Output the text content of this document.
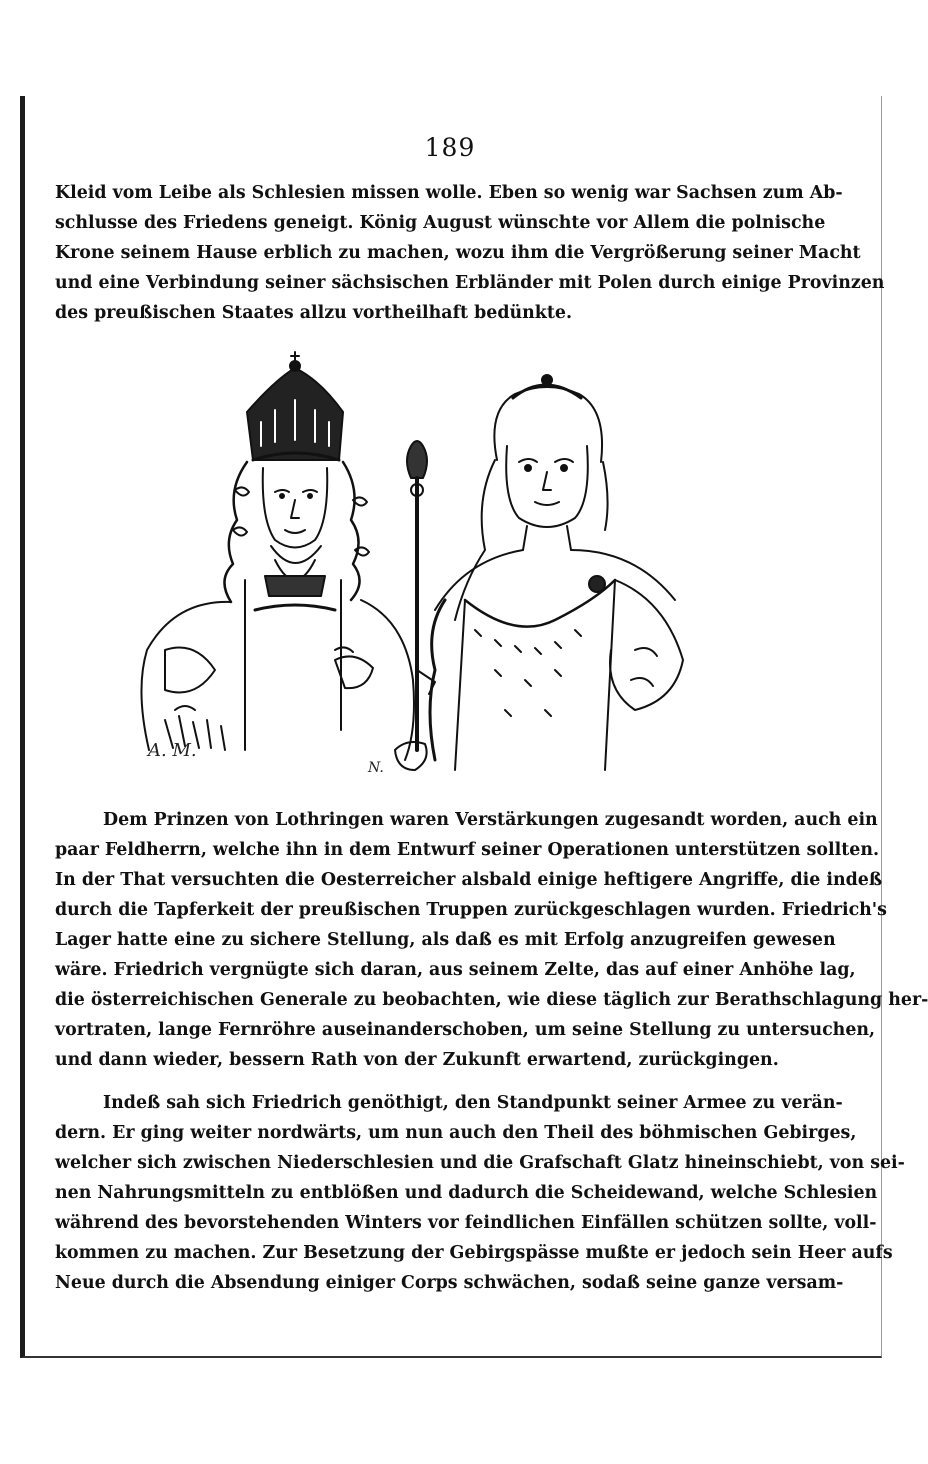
189
Kleid vom Leibe als Schlesien missen wolle. Eben so wenig war Sachsen zum Ab-
schlusse des Friedens geneigt. König August wünschte vor Allem die polnische
Krone seinem Hause erblich zu machen, wozu ihm die Vergrößerung seiner Macht
und eine Verbindung seiner sächsischen Erbländer mit Polen durch einige Provinzen
des preußischen Staates allzu vortheilhaft bedünkte.
A. M.
N.
Dem Prinzen von Lothringen waren Verstärkungen zugesandt worden, auch ein
paar Feldherrn, welche ihn in dem Entwurf seiner Operationen unterstützen sollten.
In der That versuchten die Oesterreicher alsbald einige heftigere Angriffe, die indeß
durch die Tapferkeit der preußischen Truppen zurückgeschlagen wurden. Friedrich's
Lager hatte eine zu sichere Stellung, als daß es mit Erfolg anzugreifen gewesen
wäre. Friedrich vergnügte sich daran, aus seinem Zelte, das auf einer Anhöhe lag,
die österreichischen Generale zu beobachten, wie diese täglich zur Berathschlagung her-
vortraten, lange Fernröhre auseinanderschoben, um seine Stellung zu untersuchen,
und dann wieder, bessern Rath von der Zukunft erwartend, zurückgingen.
Indeß sah sich Friedrich genöthigt, den Standpunkt seiner Armee zu verän-
dern. Er ging weiter nordwärts, um nun auch den Theil des böhmischen Gebirges,
welcher sich zwischen Niederschlesien und die Grafschaft Glatz hineinschiebt, von sei-
nen Nahrungsmitteln zu entblößen und dadurch die Scheidewand, welche Schlesien
während des bevorstehenden Winters vor feindlichen Einfällen schützen sollte, voll-
kommen zu machen. Zur Besetzung der Gebirgspässe mußte er jedoch sein Heer aufs
Neue durch die Absendung einiger Corps schwächen, sodaß seine ganze versam-
